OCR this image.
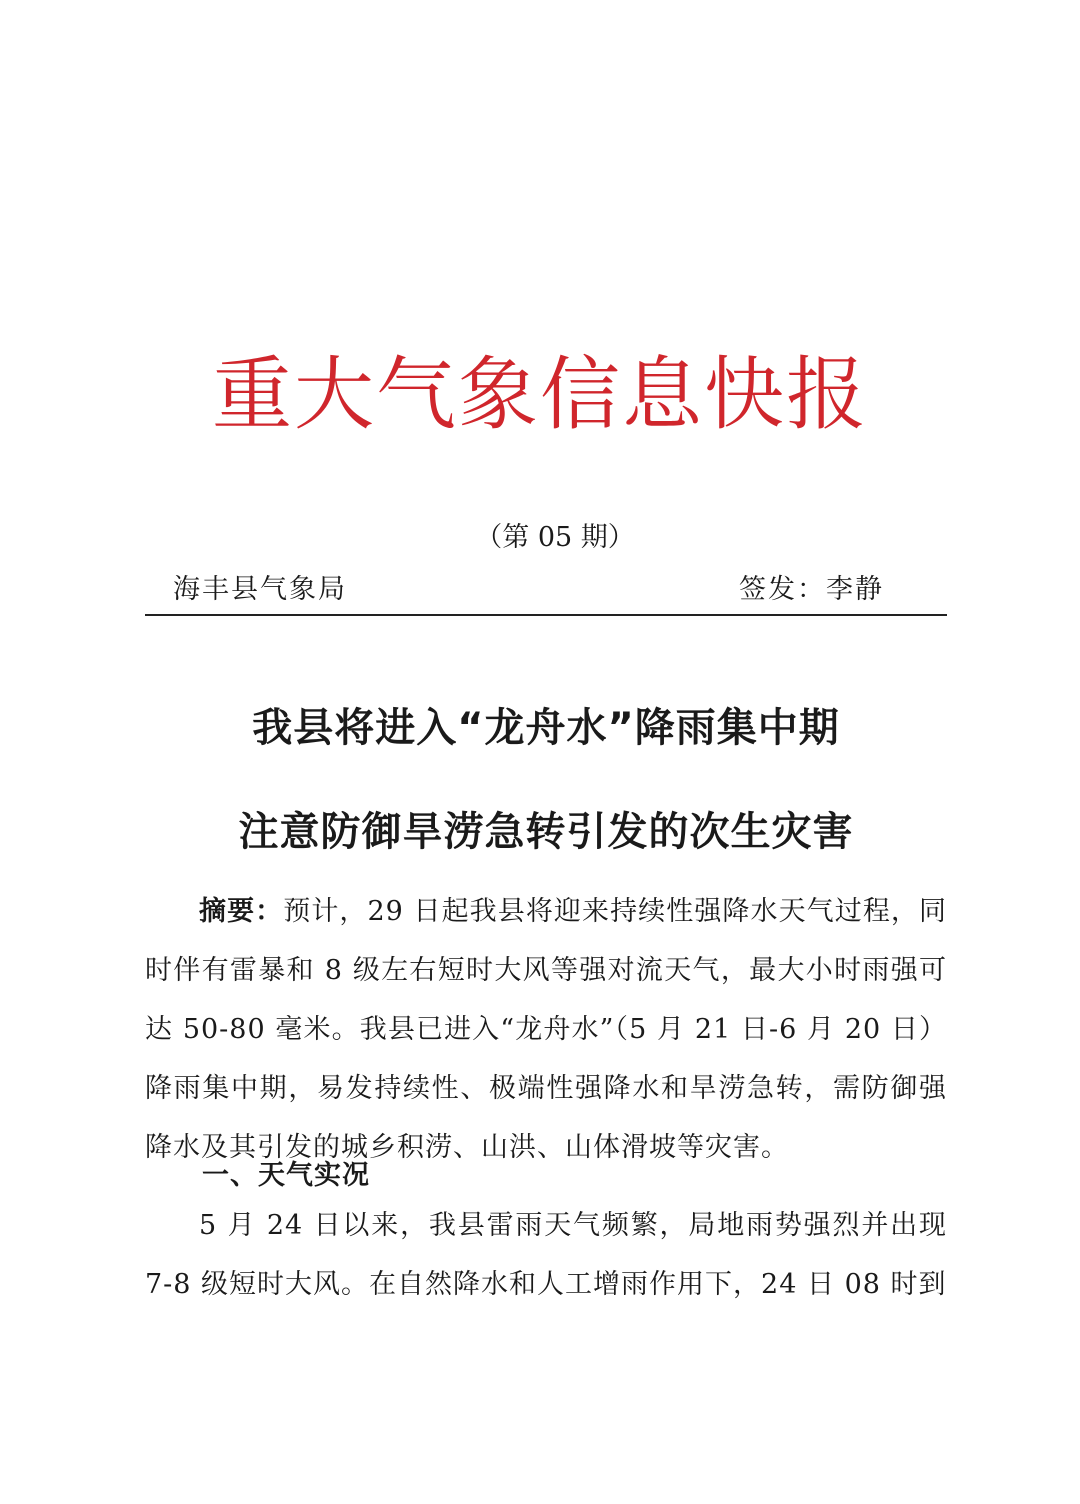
重大气象信息快报
（第 05 期）
海丰县气象局	签发：李静
我县将进入“龙舟水”降雨集中期
注意防御旱涝急转引发的次生灾害
摘要：预计，29 日起我县将迎来持续性强降水天气过程，同时伴有雷暴和 8 级左右短时大风等强对流天气，最大小时雨强可达 50-80 毫米。我县已进入“龙舟水”（5 月 21 日-6 月 20 日）降雨集中期，易发持续性、极端性强降水和旱涝急转，需防御强降水及其引发的城乡积涝、山洪、山体滑坡等灾害。
一、天气实况
5 月 24 日以来，我县雷雨天气频繁，局地雨势强烈并出现 7-8 级短时大风。在自然降水和人工增雨作用下，24 日 08 时到
